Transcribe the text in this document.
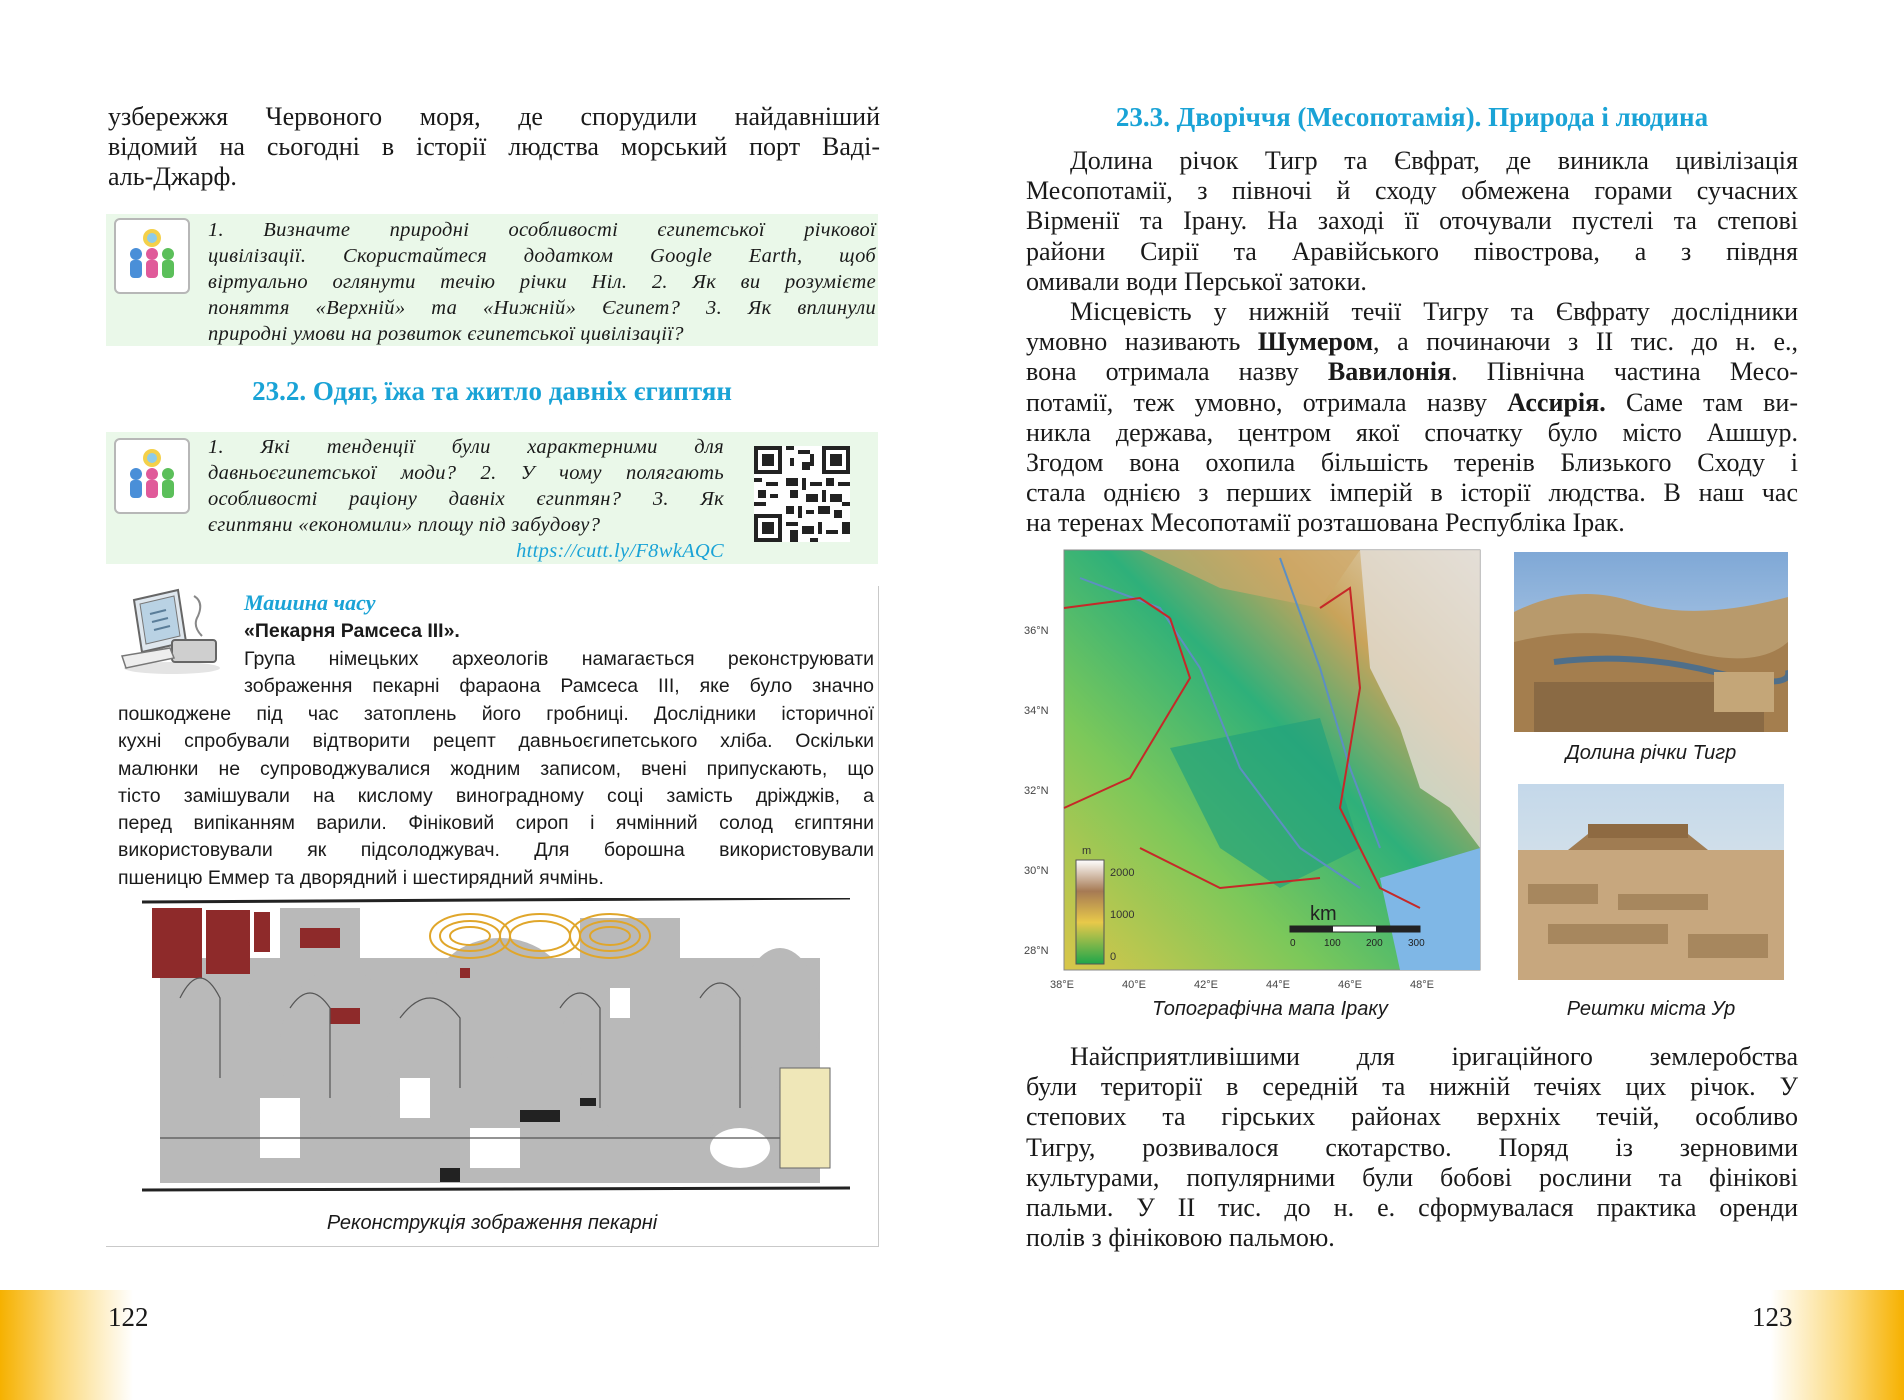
узбережжя Червоного моря, де спорудили найдавніший
відомий на сьогодні в історії людства морський порт Ваді-
аль-Джарф.
1. Визначте природні особливості єгипетської річкової
цивілізації. Скористайтеся додатком Google Earth, щоб
віртуально оглянути течію річки Ніл. 2. Як ви розумієте
поняття «Верхній» та «Нижній» Єгипет? 3. Як вплинули
природні умови на розвиток єгипетської цивілізації?
23.2. Одяг, їжа та житло давніх єгиптян
1. Які тенденції були характерними для
давньоєгипетської моди? 2. У чому полягають
особливості раціону давніх єгиптян? 3. Як
єгиптяни «економили» площу під забудову?
https://cutt.ly/F8wkAQC
Машина часу
«Пекарня Рамсеса III».
Група німецьких археологів намагається реконструювати
зображення пекарні фараона Рамсеса III, яке було значно
пошкоджене під час затоплень його гробниці. Дослідники історичної
кухні спробували відтворити рецепт давньоєгипетського хліба. Оскільки
малюнки не супроводжувалися жодним записом, вчені припускають, що
тісто замішували на кислому виноградному соці замість дріжджів, а
перед випіканням варили. Фініковий сироп і ячмінний солод єгиптяни
використовували як підсолоджувач. Для борошна використовували
пшеницю Еммер та дворядний і шестирядний ячмінь.
Реконструкція зображення пекарні
122
23.3. Дворіччя (Месопотамія). Природа і людина
Долина річок Тигр та Євфрат, де виникла цивілізація
Месопотамії, з півночі й сходу обмежена горами сучасних
Вірменії та Ірану. На заході її оточували пустелі та степові
райони Сирії та Аравійського півострова, а з півдня
омивали води Перської затоки.
Місцевість у нижній течії Тигру та Євфрату дослідники
умовно називають Шумером, а починаючи з II тис. до н. е.,
вона отримала назву Вавилонія. Північна частина Месо-
потамії, теж умовно, отримала назву Ассирія. Саме там ви-
никла держава, центром якої спочатку було місто Ашшур.
Згодом вона охопила більшість теренів Близького Сходу і
стала однією з перших імперій в історії людства. В наш час
на теренах Месопотамії розташована Республіка Ірак.
m
2000
1000
0
km
0	100	200	300
36°N
34°N
32°N
30°N
28°N
38°E	40°E	42°E	44°E	46°E	48°E
Топографічна мапа Іраку
Долина річки Тигр
Рештки міста Ур
Найсприятливішими для іригаційного землеробства
були території в середній та нижній течіях цих річок. У
степових та гірських районах верхніх течій, особливо
Тигру, розвивалося скотарство. Поряд із зерновими
культурами, популярними були бобові рослини та фінікові
пальми. У II тис. до н. е. сформувалася практика оренди
полів з фініковою пальмою.
123
